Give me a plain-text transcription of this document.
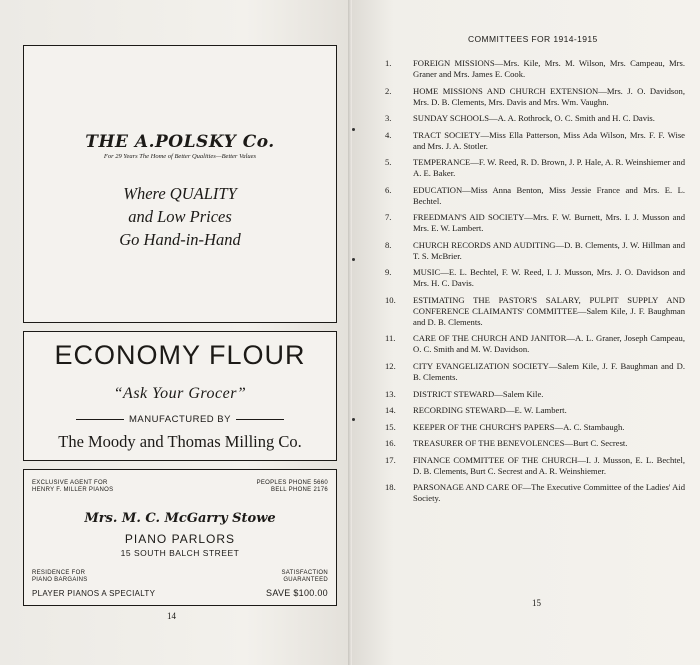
THE A.POLSKY Co.
For 29 Years The Home of Better Qualities—Better Values
Where QUALITY
and Low Prices
Go Hand-in-Hand
ECONOMY FLOUR
“Ask Your Grocer”
MANUFACTURED BY
The Moody and Thomas Milling Co.
EXCLUSIVE AGENT FOR
HENRY F. MILLER PIANOS
PEOPLES PHONE 5660
BELL PHONE 2176
Mrs. M. C. McGarry Stowe
PIANO PARLORS
15 SOUTH BALCH STREET
RESIDENCE FOR
PIANO BARGAINS
SATISFACTION
GUARANTEED
PLAYER PIANOS A SPECIALTY	SAVE $100.00
14
COMMITTEES FOR 1914-1915
1.	FOREIGN MISSIONS—Mrs. Kile, Mrs. M. Wilson, Mrs. Campeau, Mrs. Graner and Mrs. James E. Cook.
2.	HOME MISSIONS AND CHURCH EXTENSION—Mrs. J. O. Davidson, Mrs. D. B. Clements, Mrs. Davis and Mrs. Wm. Vaughn.
3.	SUNDAY SCHOOLS—A. A. Rothrock, O. C. Smith and H. C. Davis.
4.	TRACT SOCIETY—Miss Ella Patterson, Miss Ada Wilson, Mrs. F. F. Wise and Mrs. J. A. Stotler.
5.	TEMPERANCE—F. W. Reed, R. D. Brown, J. P. Hale, A. R. Weinshiemer and A. E. Baker.
6.	EDUCATION—Miss Anna Benton, Miss Jessie France and Mrs. E. L. Bechtel.
7.	FREEDMAN'S AID SOCIETY—Mrs. F. W. Burnett, Mrs. I. J. Musson and Mrs. E. W. Lambert.
8.	CHURCH RECORDS AND AUDITING—D. B. Clements, J. W. Hillman and T. S. McBrier.
9.	MUSIC—E. L. Bechtel, F. W. Reed, I. J. Musson, Mrs. J. O. Davidson and Mrs. H. C. Davis.
10.	ESTIMATING THE PASTOR'S SALARY, PULPIT SUPPLY AND CONFERENCE CLAIMANTS' COMMITTEE—Salem Kile, J. F. Baughman and D. B. Clements.
11.	CARE OF THE CHURCH AND JANITOR—A. L. Graner, Joseph Campeau, O. C. Smith and M. W. Davidson.
12.	CITY EVANGELIZATION SOCIETY—Salem Kile, J. F. Baughman and D. B. Clements.
13.	DISTRICT STEWARD—Salem Kile.
14.	RECORDING STEWARD—E. W. Lambert.
15.	KEEPER OF THE CHURCH'S PAPERS—A. C. Stambaugh.
16.	TREASURER OF THE BENEVOLENCES—Burt C. Secrest.
17.	FINANCE COMMITTEE OF THE CHURCH—I. J. Musson, E. L. Bechtel, D. B. Clements, Burt C. Secrest and A. R. Weinshiemer.
18.	PARSONAGE AND CARE OF—The Executive Committee of the Ladies' Aid Society.
15
